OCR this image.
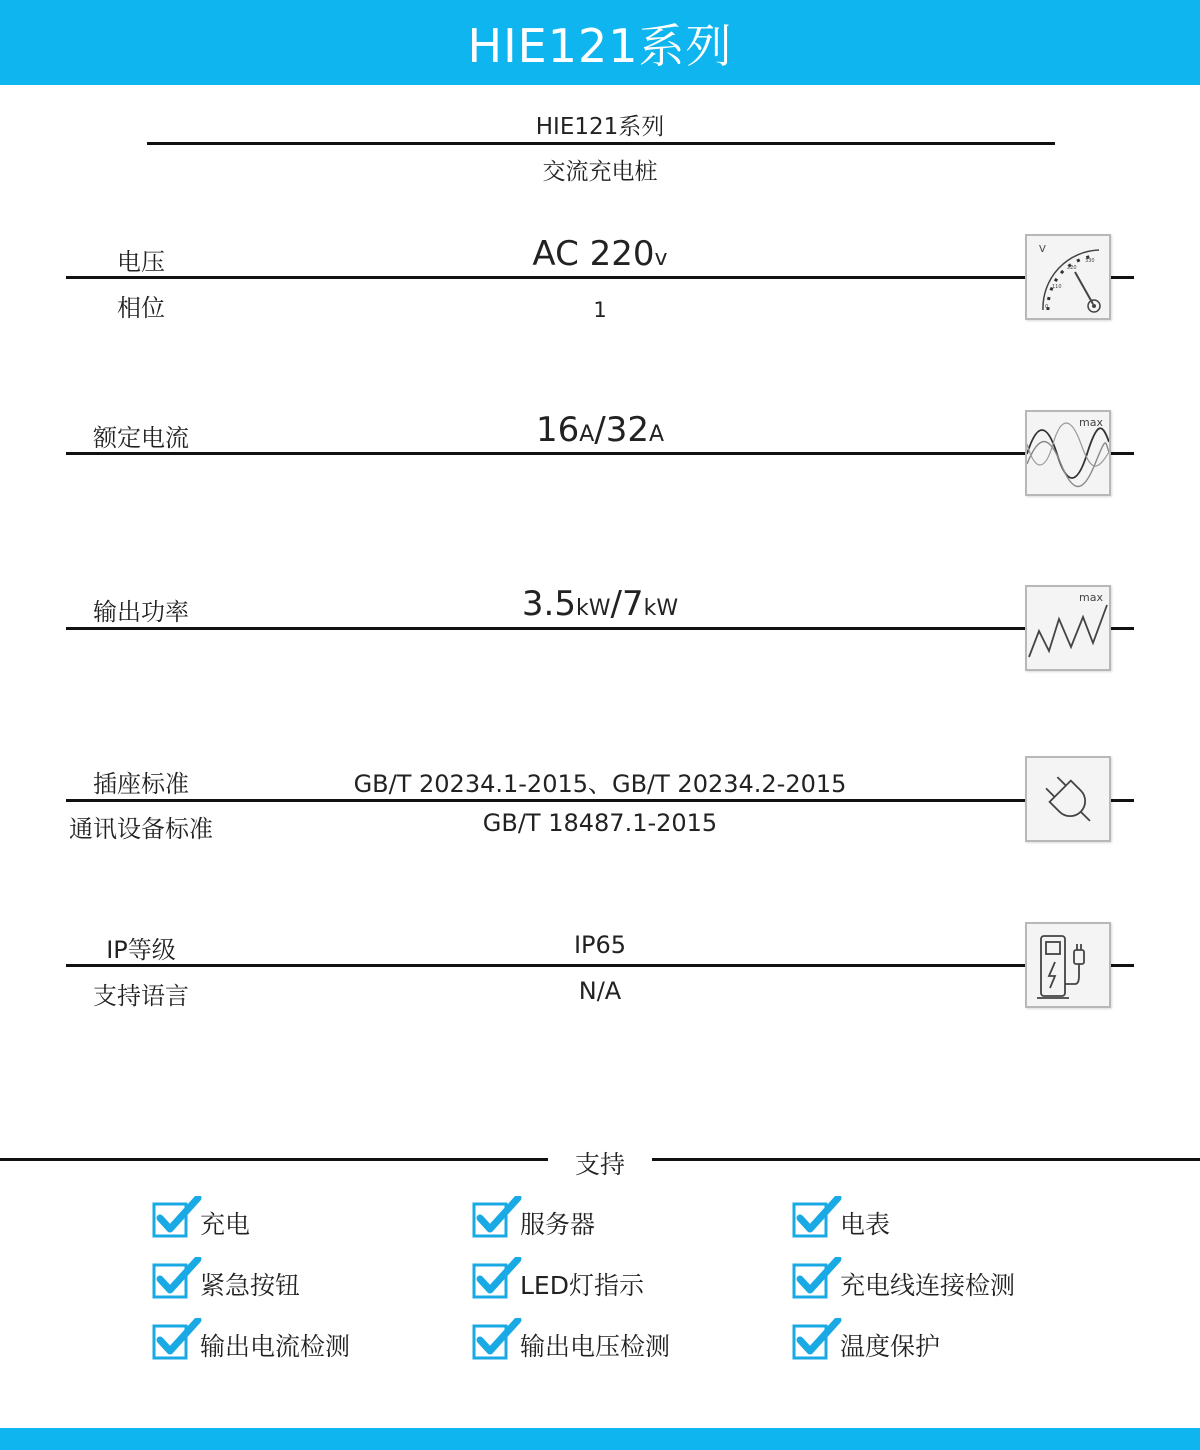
HIE121系列
HIE121系列
交流充电桩
电压	AC 220v
相位	1
V
0
110
220
330
额定电流	16A/32A	max
输出功率	3.5kW/7kW	max
插座标准	GB/T 20234.1-2015、GB/T 20234.2-2015
通讯设备标准	GB/T 18487.1-2015
IP等级	IP65
支持语言	N/A
支持
充电	服务器	电表
紧急按钮	LED灯指示	充电线连接检测
输出电流检测	输出电压检测	温度保护
